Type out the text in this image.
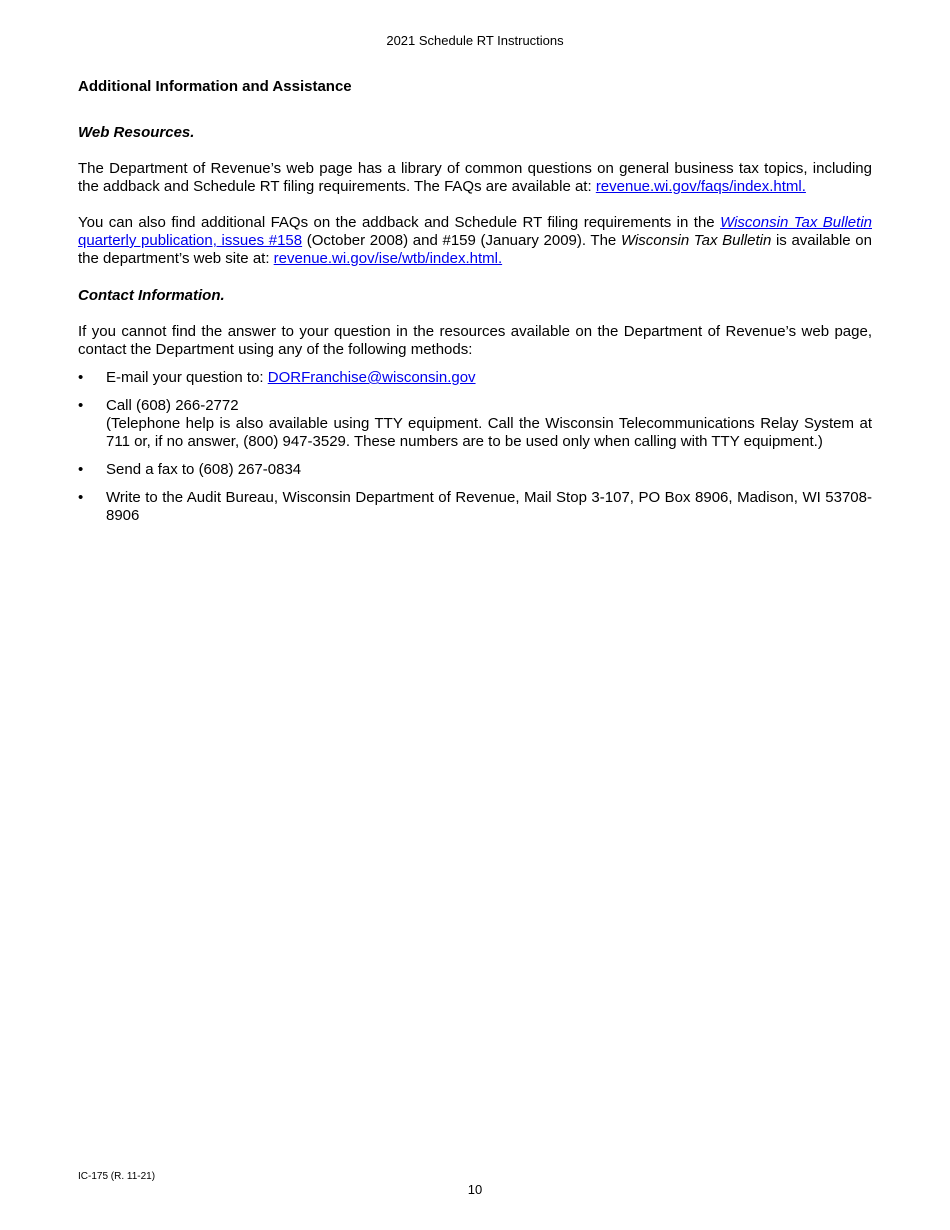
2021 Schedule RT Instructions
Additional Information and Assistance
Web Resources.

The Department of Revenue’s web page has a library of common questions on general business tax topics, including the addback and Schedule RT filing requirements. The FAQs are available at: revenue.wi.gov/faqs/index.html.

You can also find additional FAQs on the addback and Schedule RT filing requirements in the Wisconsin Tax Bulletin quarterly publication, issues #158 (October 2008) and #159 (January 2009). The Wisconsin Tax Bulletin is available on the department’s web site at: revenue.wi.gov/ise/wtb/index.html.

Contact Information.

If you cannot find the answer to your question in the resources available on the Department of Revenue’s web page, contact the Department using any of the following methods:

• E-mail your question to: DORFranchise@wisconsin.gov
• Call (608) 266-2772
(Telephone help is also available using TTY equipment. Call the Wisconsin Telecommunications Relay System at 711 or, if no answer, (800) 947-3529. These numbers are to be used only when calling with TTY equipment.)
• Send a fax to (608) 267-0834
• Write to the Audit Bureau, Wisconsin Department of Revenue, Mail Stop 3-107, PO Box 8906, Madison, WI 53708-8906
IC-175 (R. 11-21)
10
